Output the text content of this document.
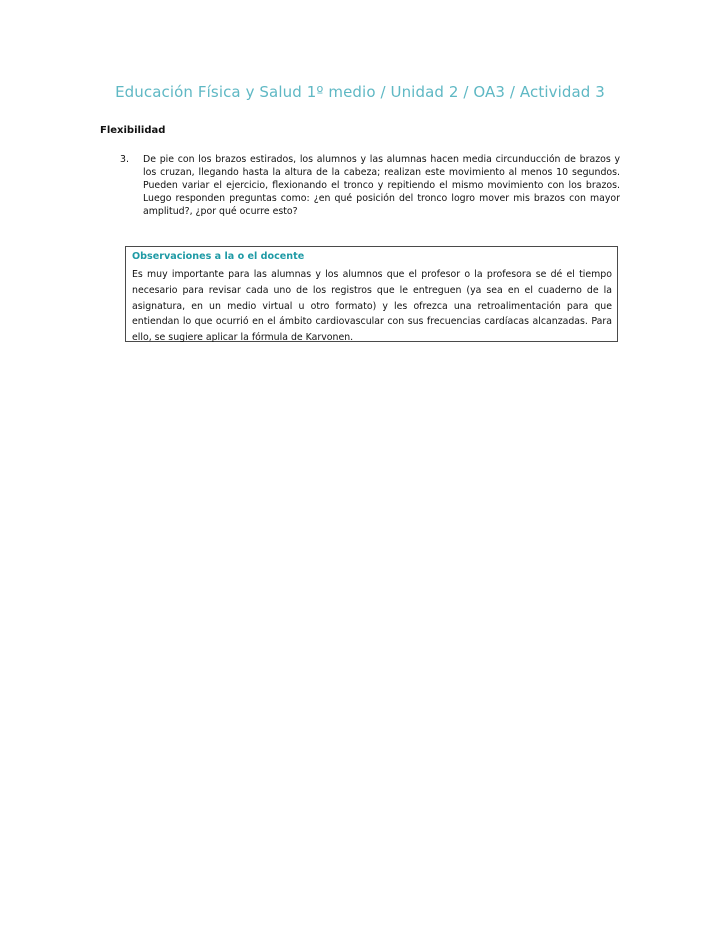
Educación Física y Salud 1º medio / Unidad 2 / OA3 / Actividad 3
Flexibilidad
3. De pie con los brazos estirados, los alumnos y las alumnas hacen media circunducción de brazos y los cruzan, llegando hasta la altura de la cabeza; realizan este movimiento al menos 10 segundos. Pueden variar el ejercicio, flexionando el tronco y repitiendo el mismo movimiento con los brazos. Luego responden preguntas como: ¿en qué posición del tronco logro mover mis brazos con mayor amplitud?, ¿por qué ocurre esto?
Observaciones a la o el docente

Es muy importante para las alumnas y los alumnos que el profesor o la profesora se dé el tiempo necesario para revisar cada uno de los registros que le entreguen (ya sea en el cuaderno de la asignatura, en un medio virtual u otro formato) y les ofrezca una retroalimentación para que entiendan lo que ocurrió en el ámbito cardiovascular con sus frecuencias cardíacas alcanzadas. Para ello, se sugiere aplicar la fórmula de Karvonen.
